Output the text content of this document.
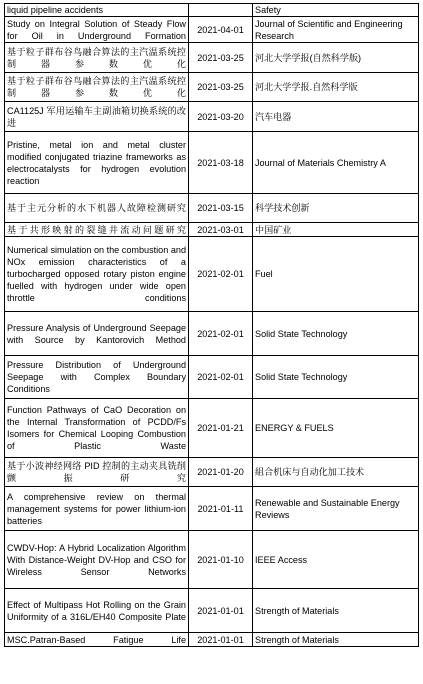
liquid pipeline accidents		Safety
Study on Integral Solution of Steady Flow for Oil in Underground Formation	2021-04-01	Journal of Scientific and Engineering Research
基于粒子群布谷鸟融合算法的主汽温系统控制器参数优化	2021-03-25	河北大学学报(自然科学版)
基于粒子群布谷鸟融合算法的主汽温系统控制器参数优化	2021-03-25	河北大学学报.自然科学版
CA1125J 军用运输车主副油箱切换系统的改进	2021-03-20	汽车电器
Pristine, metal ion and metal cluster modified conjugated triazine frameworks as electrocatalysts for hydrogen evolution reaction	2021-03-18	Journal of Materials Chemistry A
基于主元分析的水下机器人故障检测研究	2021-03-15	科学技术创新
基于共形映射的裂缝井流动问题研究	2021-03-01	中国矿业
Numerical simulation on the combustion and NOx emission characteristics of a turbocharged opposed rotary piston engine fuelled with hydrogen under wide open throttle conditions	2021-02-01	Fuel
Pressure Analysis of Underground Seepage with Source by Kantorovich Method	2021-02-01	Solid State Technology
Pressure Distribution of Underground Seepage with Complex Boundary Conditions	2021-02-01	Solid State Technology
Function Pathways of CaO Decoration on the Internal Transformation of PCDD/Fs Isomers for Chemical Looping Combustion of Plastic Waste	2021-01-21	ENERGY & FUELS
基于小波神经网络 PID 控制的主动夹具铣削颤振研究	2021-01-20	組合机床与自动化加工技术
A comprehensive review on thermal management systems for power lithium-ion batteries	2021-01-11	Renewable and Sustainable Energy Reviews
CWDV-Hop: A Hybrid Localization Algorithm With Distance-Weight DV-Hop and CSO for Wireless Sensor Networks	2021-01-10	IEEE Access
Effect of Multipass Hot Rolling on the Grain Uniformity of a 316L/EH40 Composite Plate	2021-01-01	Strength of Materials
MSC.Patran-Based Fatigue Life	2021-01-01	Strength of Materials
